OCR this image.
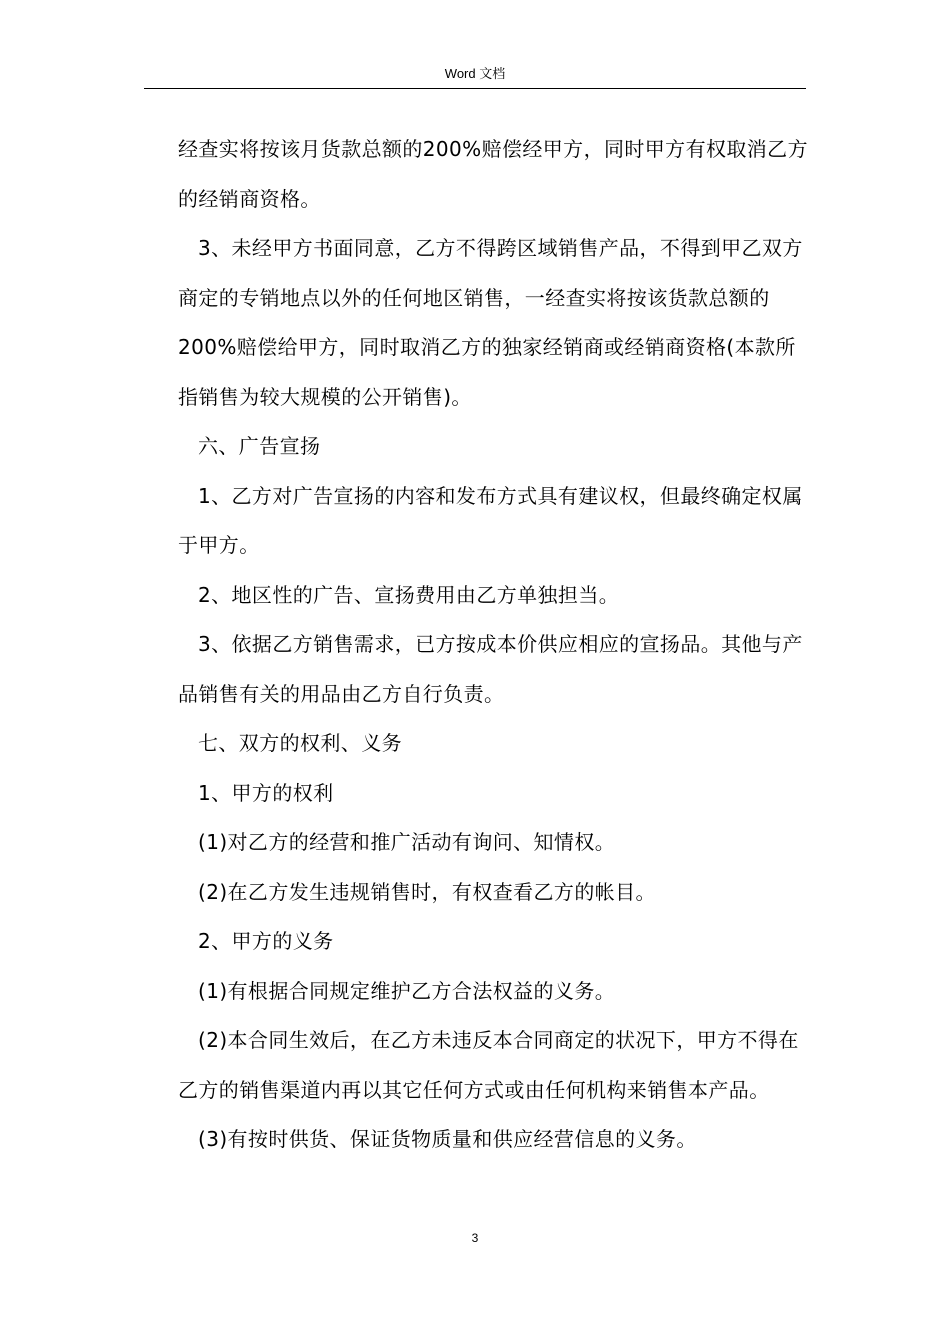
Word 文档

经查实将按该月货款总额的200%赔偿经甲方，同时甲方有权取消乙方的经销商资格。

3、未经甲方书面同意，乙方不得跨区域销售产品，不得到甲乙双方商定的专销地点以外的任何地区销售，一经查实将按该货款总额的200%赔偿给甲方，同时取消乙方的独家经销商或经销商资格(本款所指销售为较大规模的公开销售)。

六、广告宣扬

1、乙方对广告宣扬的内容和发布方式具有建议权，但最终确定权属于甲方。

2、地区性的广告、宣扬费用由乙方单独担当。

3、依据乙方销售需求，已方按成本价供应相应的宣扬品。其他与产品销售有关的用品由乙方自行负责。

七、双方的权利、义务

1、甲方的权利

(1)对乙方的经营和推广活动有询问、知情权。

(2)在乙方发生违规销售时，有权查看乙方的帐目。

2、甲方的义务

(1)有根据合同规定维护乙方合法权益的义务。

(2)本合同生效后，在乙方未违反本合同商定的状况下，甲方不得在乙方的销售渠道内再以其它任何方式或由任何机构来销售本产品。

(3)有按时供货、保证货物质量和供应经营信息的义务。

3
